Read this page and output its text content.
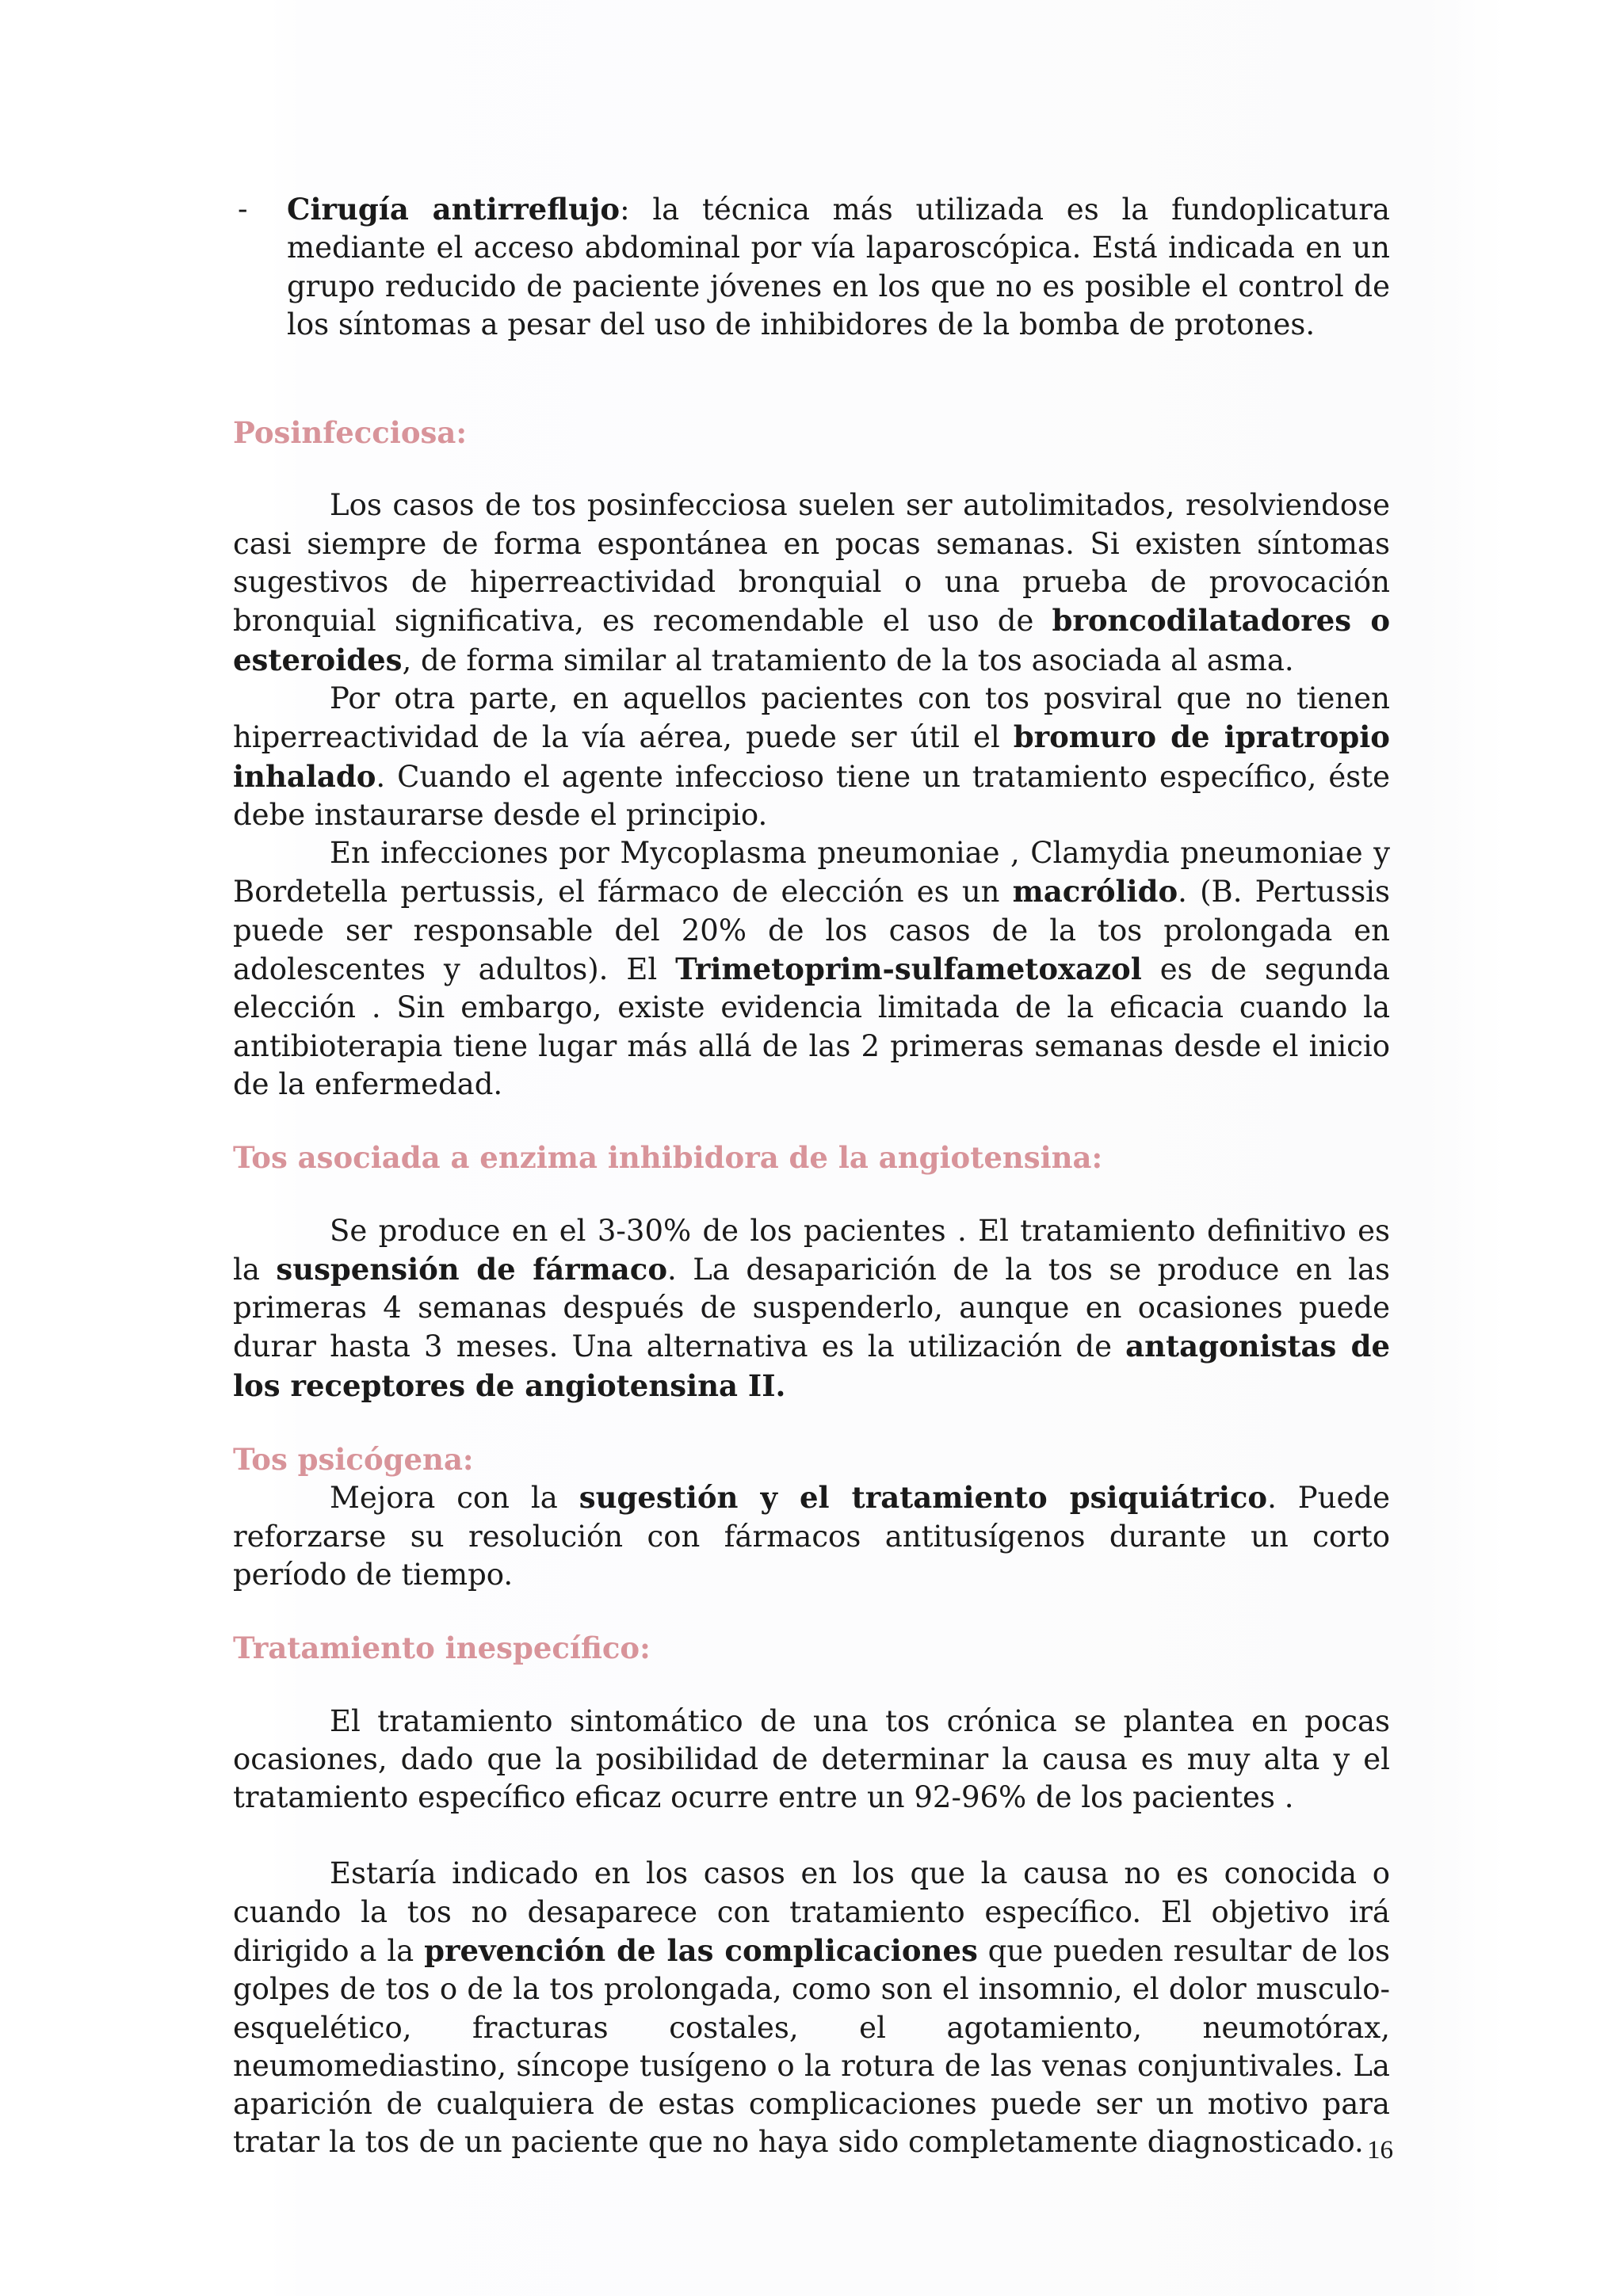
- Cirugía antirreflujo: la técnica más utilizada es la fundoplicatura mediante el acceso abdominal por vía laparoscópica. Está indicada en un grupo reducido de paciente jóvenes en los que no es posible el control de los síntomas a pesar del uso de inhibidores de la bomba de protones.
Posinfecciosa:

Los casos de tos posinfecciosa suelen ser autolimitados, resolviendose casi siempre de forma espontánea en pocas semanas. Si existen síntomas sugestivos de hiperreactividad bronquial o una prueba de provocación bronquial significativa, es recomendable el uso de broncodilatadores o esteroides, de forma similar al tratamiento de la tos asociada al asma.

Por otra parte, en aquellos pacientes con tos posviral que no tienen hiperreactividad de la vía aérea, puede ser útil el bromuro de ipratropio inhalado. Cuando el agente infeccioso tiene un tratamiento específico, éste debe instaurarse desde el principio.

En infecciones por Mycoplasma pneumoniae , Clamydia pneumoniae y Bordetella pertussis, el fármaco de elección es un macrólido. (B. Pertussis puede ser responsable del 20% de los casos de la tos prolongada en adolescentes y adultos). El Trimetoprim-sulfametoxazol es de segunda elección . Sin embargo, existe evidencia limitada de la eficacia cuando la antibioterapia tiene lugar más allá de las 2 primeras semanas desde el inicio de la enfermedad.

Tos asociada a enzima inhibidora de la angiotensina:

Se produce en el 3-30% de los pacientes . El tratamiento definitivo es la suspensión de fármaco. La desaparición de la tos se produce en las primeras 4 semanas después de suspenderlo, aunque en ocasiones puede durar hasta 3 meses. Una alternativa es la utilización de antagonistas de los receptores de angiotensina II.

Tos psicógena:

Mejora con la sugestión y el tratamiento psiquiátrico. Puede reforzarse su resolución con fármacos antitusígenos durante un corto período de tiempo.

Tratamiento inespecífico:

El tratamiento sintomático de una tos crónica se plantea en pocas ocasiones, dado que la posibilidad de determinar la causa es muy alta y el tratamiento específico eficaz ocurre entre un 92-96% de los pacientes .

Estaría indicado en los casos en los que la causa no es conocida o cuando la tos no desaparece con tratamiento específico. El objetivo irá dirigido a la prevención de las complicaciones que pueden resultar de los golpes de tos o de la tos prolongada, como son el insomnio, el dolor musculo-esquelético, fracturas costales, el agotamiento, neumotórax, neumomediastino, síncope tusígeno o la rotura de las venas conjuntivales. La aparición de cualquiera de estas complicaciones puede ser un motivo para tratar la tos de un paciente que no haya sido completamente diagnosticado. 16
